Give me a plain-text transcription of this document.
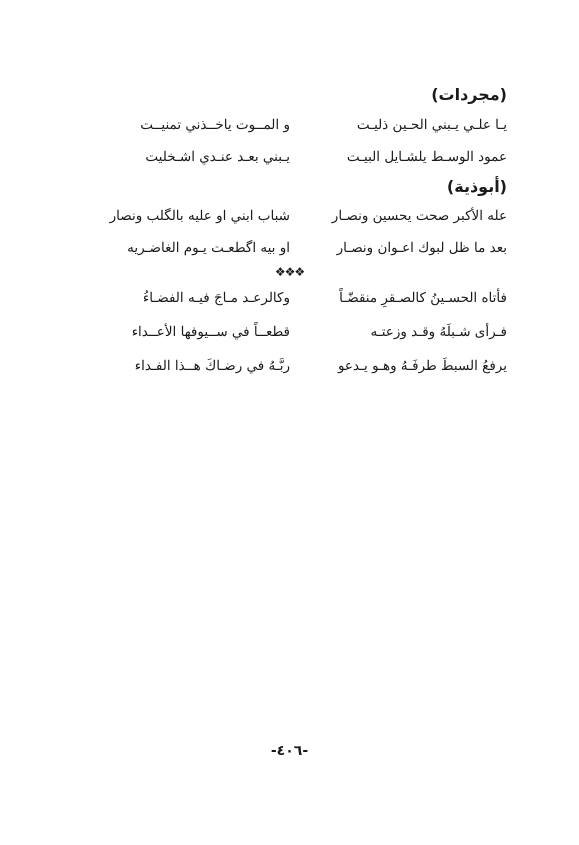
(مجردات)
يـا علـي يـبني الحـين ذليـت
و المــوت ياخــذني تمنيــت
عمود الوسـط يلشـايل البيـت
يـبني بعـد عنـدي اشـخليت
(أبوذية)
عله الأكبر صحت يحسين ونصـار
شباب ابني او عليه بالگلب ونصار
بعد ما ظل لبوك اعـوان ونصـار
او بيه اگطعـت يـوم الغاضـريه
❖❖❖
فأتاه الحسـينُ كالصـقرِ منقضّـاً
وكالرعـد مـاجَ فيـه الفضـاءُ
فـرأى شـبلَهُ وقـد وزعتـه
قطعــاً في ســيوفها الأعــداء
يرفعُ السبطَ طرفَـهُ وهـو يـدعو
ربَّـهُ في رضـاكَ هــذا الفـداء
-٤٠٦-
